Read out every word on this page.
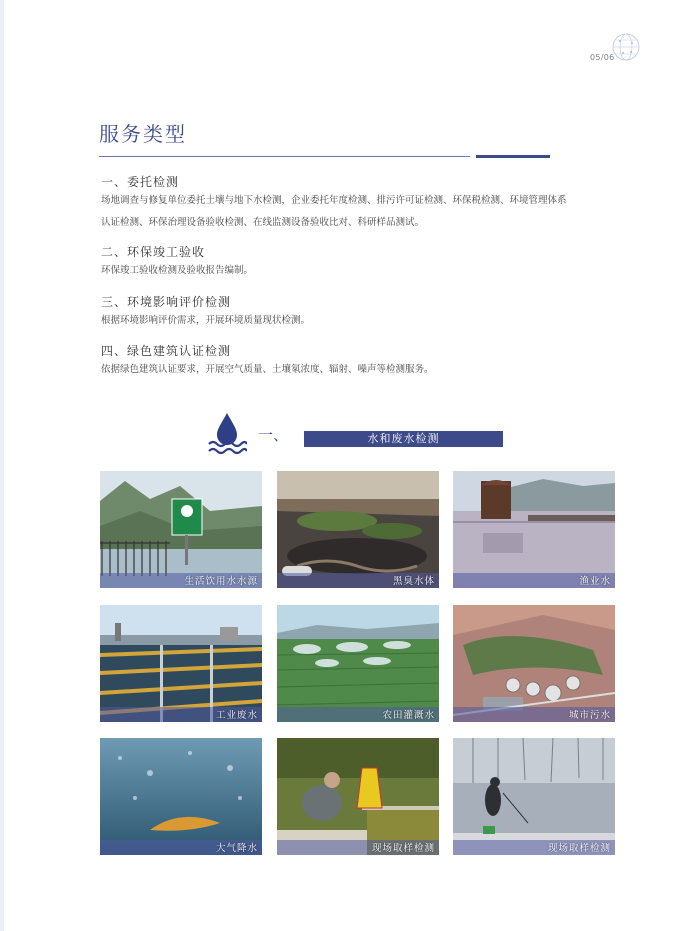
05/06
服务类型
一、委托检测
场地调查与修复单位委托土壤与地下水检测，企业委托年度检测、排污许可证检测、环保税检测、环境管理体系认证检测、环保治理设备验收检测、在线监测设备验收比对、科研样品测试。
二、环保竣工验收
环保竣工验收检测及验收报告编制。
三、环境影响评价检测
根据环境影响评价需求，开展环境质量现状检测。
四、绿色建筑认证检测
依据绿色建筑认证要求，开展空气质量、土壤氡浓度、辐射、噪声等检测服务。
一、	水和废水检测
生活饮用水水源	黑臭水体	渔业水
工业废水	农田灌溉水	城市污水
大气降水	现场取样检测	现场取样检测
